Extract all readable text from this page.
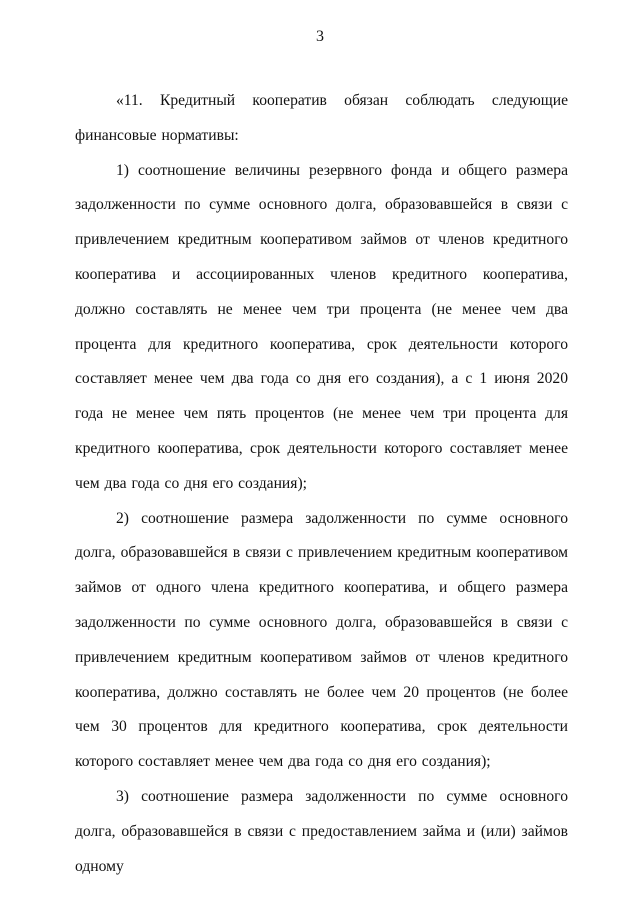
3

«11. Кредитный кооператив обязан соблюдать следующие финансовые нормативы:

1) соотношение величины резервного фонда и общего размера задолженности по сумме основного долга, образовавшейся в связи с привлечением кредитным кооперативом займов от членов кредитного кооператива и ассоциированных членов кредитного кооператива, должно составлять не менее чем три процента (не менее чем два процента для кредитного кооператива, срок деятельности которого составляет менее чем два года со дня его создания), а с 1 июня 2020 года не менее чем пять процентов (не менее чем три процента для кредитного кооператива, срок деятельности которого составляет менее чем два года со дня его создания);

2) соотношение размера задолженности по сумме основного долга, образовавшейся в связи с привлечением кредитным кооперативом займов от одного члена кредитного кооператива, и общего размера задолженности по сумме основного долга, образовавшейся в связи с привлечением кредитным кооперативом займов от членов кредитного кооператива, должно составлять не более чем 20 процентов (не более чем 30 процентов для кредитного кооператива, срок деятельности которого составляет менее чем два года со дня его создания);

3) соотношение размера задолженности по сумме основного долга, образовавшейся в связи с предоставлением займа и (или) займов одному
